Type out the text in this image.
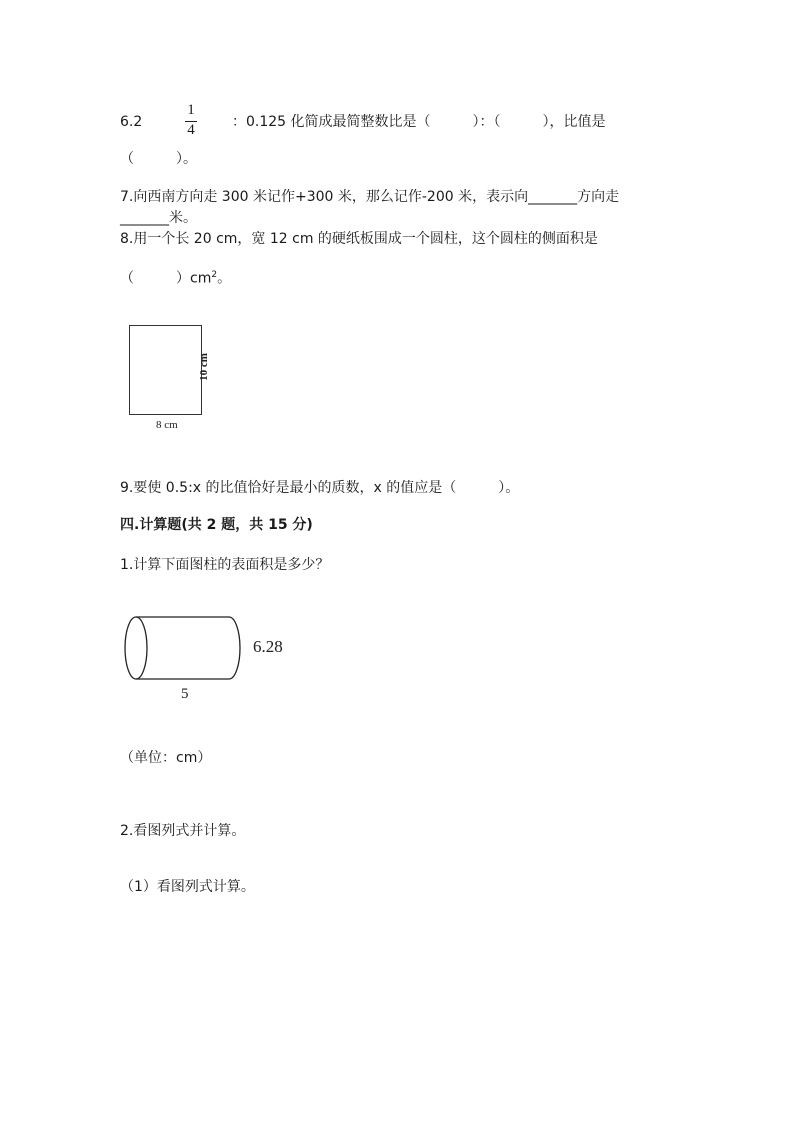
6.2
1
4	：0.125 化简成最简整数比是（　　　）：（　　　），比值是
（　　　）。
7.向西南方向走 300 米记作+300 米，那么记作-200 米，表示向_______方向走
_______米。
8.用一个长 20 cm，宽 12 cm 的硬纸板围成一个圆柱，这个圆柱的侧面积是
（　　　）$cm^2$。
10 cm
8 cm
9.要使 0.5:x 的比值恰好是最小的质数，x 的值应是（　　　）。
四.计算题(共 2 题，共 15 分)
1.计算下面图柱的表面积是多少？
6.28
5
（单位：cm）
2.看图列式并计算。
（1）看图列式计算。
